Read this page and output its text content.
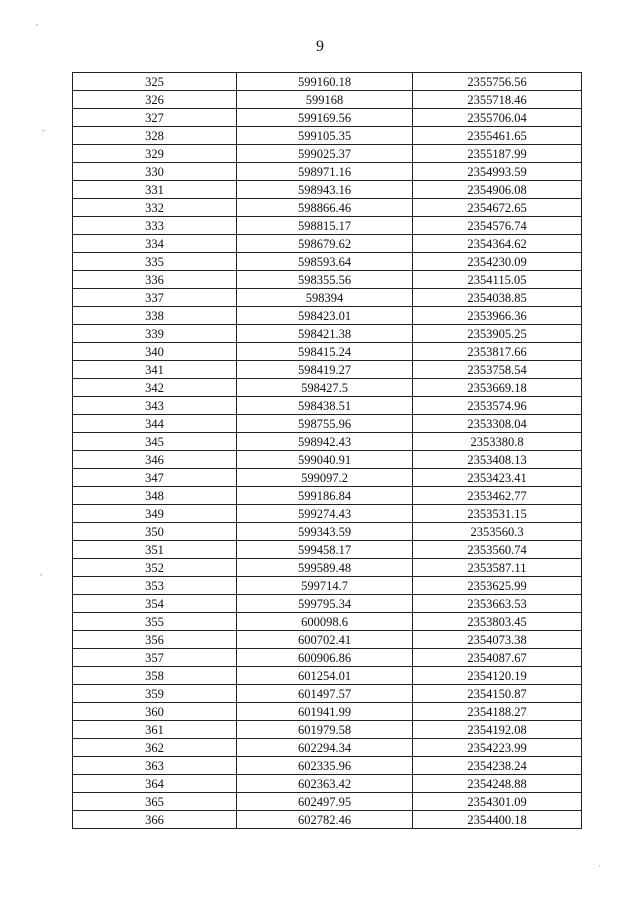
9
325	599160.18	2355756.56
326	599168	2355718.46
327	599169.56	2355706.04
328	599105.35	2355461.65
329	599025.37	2355187.99
330	598971.16	2354993.59
331	598943.16	2354906.08
332	598866.46	2354672.65
333	598815.17	2354576.74
334	598679.62	2354364.62
335	598593.64	2354230.09
336	598355.56	2354115.05
337	598394	2354038.85
338	598423.01	2353966.36
339	598421.38	2353905.25
340	598415.24	2353817.66
341	598419.27	2353758.54
342	598427.5	2353669.18
343	598438.51	2353574.96
344	598755.96	2353308.04
345	598942.43	2353380.8
346	599040.91	2353408.13
347	599097.2	2353423.41
348	599186.84	2353462.77
349	599274.43	2353531.15
350	599343.59	2353560.3
351	599458.17	2353560.74
352	599589.48	2353587.11
353	599714.7	2353625.99
354	599795.34	2353663.53
355	600098.6	2353803.45
356	600702.41	2354073.38
357	600906.86	2354087.67
358	601254.01	2354120.19
359	601497.57	2354150.87
360	601941.99	2354188.27
361	601979.58	2354192.08
362	602294.34	2354223.99
363	602335.96	2354238.24
364	602363.42	2354248.88
365	602497.95	2354301.09
366	602782.46	2354400.18
,
-
,
·
